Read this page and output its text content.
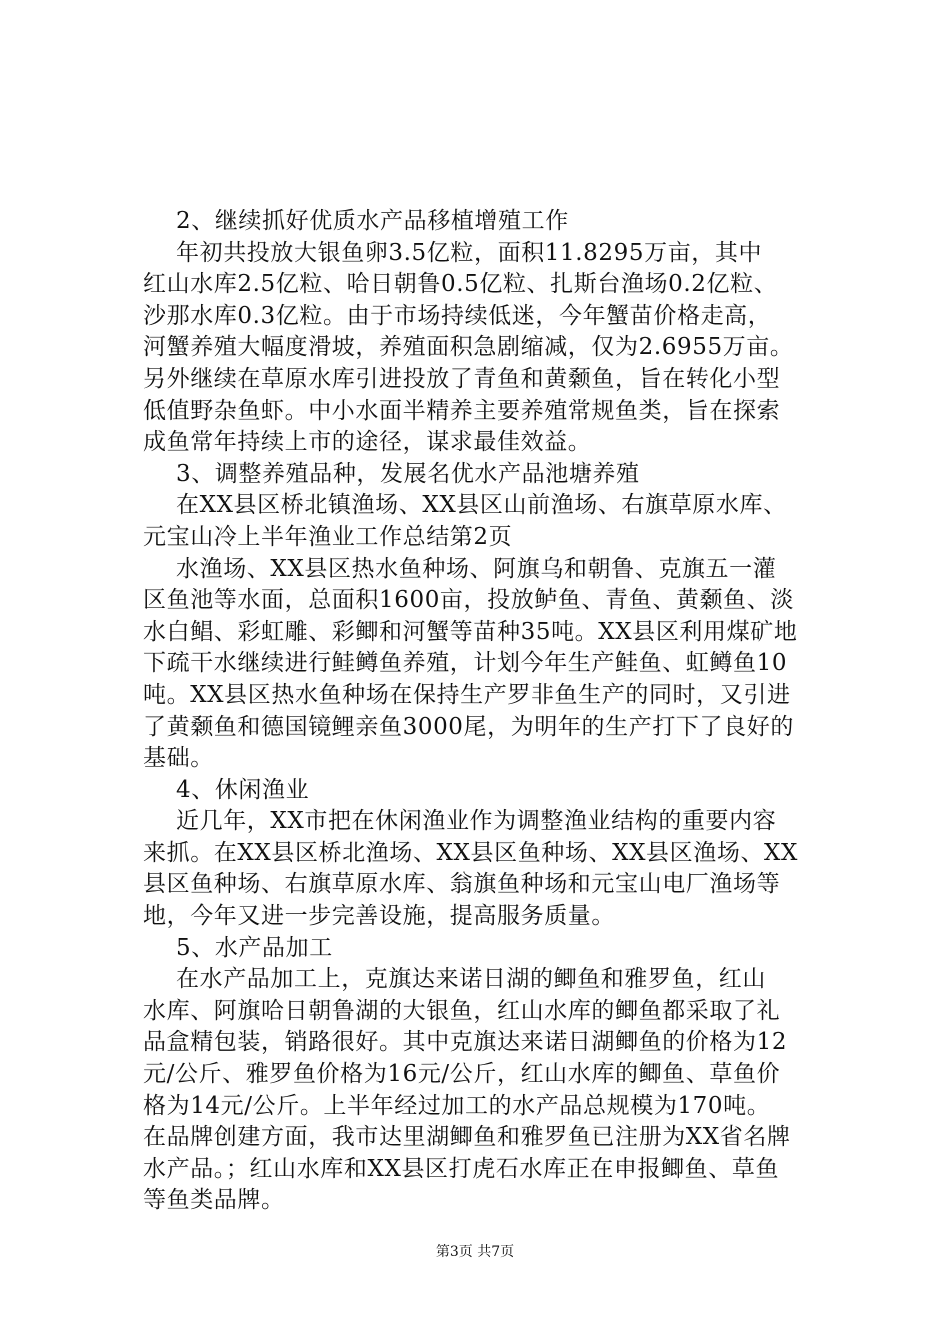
2、继续抓好优质水产品移植增殖工作
年初共投放大银鱼卵3.5亿粒，面积11.8295万亩，其中
红山水库2.5亿粒、哈日朝鲁0.5亿粒、扎斯台渔场0.2亿粒、
沙那水库0.3亿粒。由于市场持续低迷，今年蟹苗价格走高，
河蟹养殖大幅度滑坡，养殖面积急剧缩减，仅为2.6955万亩。
另外继续在草原水库引进投放了青鱼和黄颡鱼，旨在转化小型
低值野杂鱼虾。中小水面半精养主要养殖常规鱼类，旨在探索
成鱼常年持续上市的途径，谋求最佳效益。
3、调整养殖品种，发展名优水产品池塘养殖
在XX县区桥北镇渔场、XX县区山前渔场、右旗草原水库、
元宝山冷上半年渔业工作总结第2页
水渔场、XX县区热水鱼种场、阿旗乌和朝鲁、克旗五一灌
区鱼池等水面，总面积1600亩，投放鲈鱼、青鱼、黄颡鱼、淡
水白鲳、彩虹雕、彩鲫和河蟹等苗种35吨。XX县区利用煤矿地
下疏干水继续进行鲑鳟鱼养殖，计划今年生产鲑鱼、虹鳟鱼10
吨。XX县区热水鱼种场在保持生产罗非鱼生产的同时，又引进
了黄颡鱼和德国镜鲤亲鱼3000尾，为明年的生产打下了良好的
基础。
4、休闲渔业
近几年，XX市把在休闲渔业作为调整渔业结构的重要内容
来抓。在XX县区桥北渔场、XX县区鱼种场、XX县区渔场、XX
县区鱼种场、右旗草原水库、翁旗鱼种场和元宝山电厂渔场等
地，今年又进一步完善设施，提高服务质量。
5、水产品加工
在水产品加工上，克旗达来诺日湖的鲫鱼和雅罗鱼，红山
水库、阿旗哈日朝鲁湖的大银鱼，红山水库的鲫鱼都采取了礼
品盒精包装，销路很好。其中克旗达来诺日湖鲫鱼的价格为12
元/公斤、雅罗鱼价格为16元/公斤，红山水库的鲫鱼、草鱼价
格为14元/公斤。上半年经过加工的水产品总规模为170吨。
在品牌创建方面，我市达里湖鲫鱼和雅罗鱼已注册为XX省名牌
水产品。；红山水库和XX县区打虎石水库正在申报鲫鱼、草鱼
等鱼类品牌。
第3页 共7页
